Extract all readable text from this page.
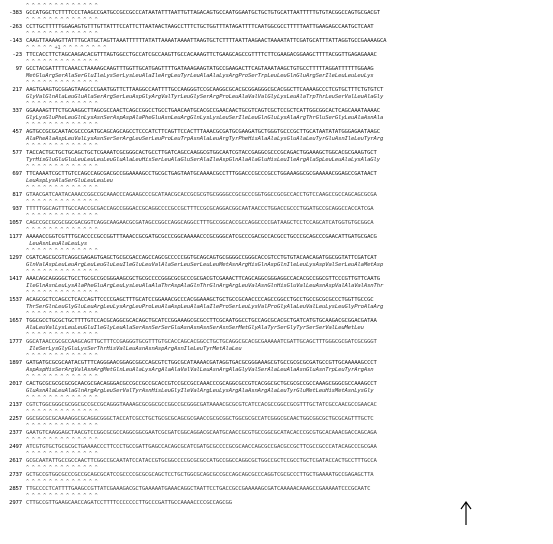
^ ^ ^ ^ ^ ^ ^ ^ ^ ^ ^ ^ ^
-383 GCCATGGCTCTTTTCCCTAAGCCGATGCCGCCGCCCATAATATTTAATTGTTAGACAGTGCCAATGGAATGCTGCTGTGCATTAATTTTTGTGTACGGCCAGTGCGACGT
^ ^ ^ ^ ^ ^ ^ ^ ^ ^ ^ ^ ^
-263 CCTTGCTTTTTGGAGAGTGTTTGTTATTTCCATTCTTAATAACTAAGCCTTTCTGCTGGTTTATAGATTTTCAATGGCGCCTTTTTAATTGAAGAGCCAATGCTCAAT
^ ^ ^ ^ ^ ^ ^ ^ ^ ^ ^ ^ ^
-143 CAAGTTAAAAGTTATTTGCATGCTAGTTAAATTTTTTATATTAAAATAAAATTAAGTGCTCTTTTAATTAAGAACTAAAATATTCGATGCATTTATTAGGTGCCGAAAAGCA
^ ^ ^ ^ ^ +1 ^ ^ ^ ^ ^ ^ ^ ^
-23 TTCCACCTTCTAGCAAGACACGTTTAGTGGCCTGCCATCGCCAAGTTGCCACAAAGTTCTGAAGCAGCCGTTTTCTTCGAAGACGGAAGCTTTTACGGTTGAGAGAAAC
^ ^ ^ ^ ^ ^ ^ ^ ^ ^ ^ ^ ^
97 GCCTACGATTTTCAAACCTAAAAGCAAGTTTGGTTGCATGAGTTTTGATAAAGAAGTATGCCGAAGACTTCAGTAAATAAGCTGTGCCTTTTTAGGATTTTTTGGAAG
MetGluArgSerAlaSerGluIleLysSerLysLeuAlaIleArgLeuTyrLeuAlaAlaLysArgProSerTrpLeuLeuGlnGluArgSerIleLeuLeuLeuLys
^ ^ ^ ^ ^ ^ ^ ^ ^ ^ ^ ^ ^
217 AAGTGAAGTGCGGAGTAAGCCCGAATGGTTCTTAAGGCCAATTTTGCCAAGGGTCCGCAAGGCGCACGCGGAGGGCGCACGGCTTCAAAAGCCCTCGTGCTTTCTGTGTCT
GlyValGlnAlaLeuGluAlaSerArgSerLeuAspGlyArgValTyrLeuGlySerArgProLeuAlaValValGlyLysLeuAlaTrpThrLeuSerValLeuAlaGly
^ ^ ^ ^ ^ ^ ^ ^ ^ ^ ^ ^ ^
337 GGAAAAGTTTCTGCAAGGCTTAGCGCCAACTCAGCCGGCCTGCCTGAACAATGCACGCCGAACAACTGCGTCAGTCGCTCCGCTCATTGGCGGCACTCAGCAAATAAAAC
GlyLysGluPheLeuGlnLysAsnSerAspAspAlaPheGluAsnLeuArgGlnLysLysLeuSerIleLeuGlnGluLysAlaArgThrGluSerGlyLeuAlaAsnAla
^ ^ ^ ^ ^ ^ ^ ^ ^ ^ ^ ^ ^
457 AGTGCCGCGCAATACGCCCGATGCAGCAGCAGCCTCCCATCTTCAGTTCCACTTTAAACGCGATGCGAAGATGCTGGGTGCCCGCTTGCATAATATATGGGAGAATAAGC
AlaPheAlaAspLeuValLysAsnSerSerArgLeuSerLeuProLeuTrpAsnAlaLeuArgTyrPheHisAlaAlaLysGluAlaLeuTyrGluAsnIleLeuTyrArg
^ ^ ^ ^ ^ ^ ^ ^ ^ ^ ^ ^ ^
577 TACCACTGCTGCTGCAGCTGCTCGAAATCGCGGGCACTGCCTTGATCAGCCAAGGCGTGGCAATCGTACCGAGGCGCCCGCAGACTGGAAAGCTGGCACGCGAAGTGCT
TyrHisGluGluGluLeuLeuLeuLeuGluAlaLeuHisSerLeuAlaGluSerAlaIleAspGlnAlaAlaGluHisLeuIleArgAlaSpLeuLeuAlaLysAlaGly
^ ^ ^ ^ ^ ^ ^ ^ ^ ^ ^ ^ ^
697 TTCAAAATCGCTTGTCCAGCCAGCGACGCCGGAAAAGCCTGCGCTGAGTAATGCAAAACGCCTTTGGACCCGCCCGCCTGGAAAGGCGCGAAAAACGGAGCCGATAACT
LeuAspLysAlaSerGluLeuLeuLeu
^ ^ ^ ^ ^ ^ ^ ^ ^ ^ ^ ^ ^
817 GTAACGATCAATACAAACCGGCCGCAAACCCAGAAGCCCGCATAACGCACCGCGCGTGCGGGGCCGCGCCCGGTGGCCGCGCCACCTGTCCAAGCCGCCAGCAGCGCGA
^ ^ ^ ^ ^ ^ ^ ^ ^ ^ ^ ^ ^
937 TTTTTGGCAGTTTGCCAACCGCGACCAGCCGGGACCGCAGGCCCCGCCGCTTTCCGCGCAGGACGGCAATAACCCTGGACCGCCCTGGATGCCGCAGGCCACCATCGA
^ ^ ^ ^ ^ ^ ^ ^ ^ ^ ^ ^ ^
1057 CAGCCGCCGCGCGGCGACGGTCAGGCAAGAACGCGATAGCCGGCCAGGCAGGCCTTTGCCGGCACCGCCAGGCCCCGATAAGCTCCTCCAGCATCATGGTGTGCGGCA
^ ^ ^ ^ ^ ^ ^ ^ ^ ^ ^ ^ ^
1177 AAAAACCGGTCGTTTGCACCCCGCCGGTTTAAACCGCGATGCGCCCGGCAAAAACCCGCGGGCATCGCCCGACGCCACGCCTGCCCGCAGCCCGAACATTGATGCGACG
LeuAsnLeuAlaLeuLys
^ ^ ^ ^ ^ ^ ^ ^ ^ ^ ^ ^ ^
1297 CGATCAGCGCGTCAGGCGAGAGTGAGCTGCGCGACCAGCCAGCGCCCCCGGTGCAGCAGTGCGGGGCCGGGCACCGTCCTGTGTACAACAGATGGCGGTATTCGATCAT
GlnValAspLeuLeuArgLeuLeuGluLeuIleGluLeuValAlaSerLeuSerLeuLeuMetAsnArgHisGlnAspGlnIleLeuLysAspValSerLeuAlaMetAsp
^ ^ ^ ^ ^ ^ ^ ^ ^ ^ ^ ^ ^
1417 AAACAGCAGGGGCTGCCTGCGCCGCGGGAAGCGCTGCGCCCCGGGCGCGCCCGCGACGTCGAAACTTCAGCAGGCGGGAGGCCACACGCCGGCGTTCCCGTTGTTCAATG
IleGlnAsnLeuLysAlaPheGluArgLeuLysLeuAlaAlaThrAspAlaGlnThrGlnArgArgLeuValAsnGlnHisGluValLeuAsnAspValAlaValAsnThr
^ ^ ^ ^ ^ ^ ^ ^ ^ ^ ^ ^ ^
1537 ACAGCGCTCCAGCCTCACCAGTTCCCCGAGCTTTGCATCCGGAAACGCCCACGGAAAGCTGCTGCCGCAACCCCAGCCGGCCTGCCTGCCGCGCGCCCTGGTTGCCGC
ThrSerGlnLeuGlyGluLeuArgLeuLysArgLeuProLeuAlaAspLeuAlaAlaIleProSerLeuLysValProGlyAlaLeuValLeuLysLeuGlyProAlaArg
^ ^ ^ ^ ^ ^ ^ ^ ^ ^ ^ ^ ^
1657 TGGCGCCTGCGCTGCTTTTGTCCACGCAGGCGCACAGCTGCATCCGGAAAGCGCGCCTTCGCAATGGCCTGCCAGCGCACGCTGATCATGTGCAAGACGCGGACGATAA
AlaLeuValLysLeuLeuGluIleGlyLeuAlaSerAsnSerSerGluAsnAsnAsnSerAsnSerMetGlyAlaTyrSerGlyTyrSerSerValLeuMetLeu
^ ^ ^ ^ ^ ^ ^ ^ ^ ^ ^ ^ ^
1777 GGCATAACCGCGCCAAGCAGTTGCTTTCCGAGGGTGCGTTTGTGCACCAGCACGGCCTGCTGCAGGCGCACGCGAAAAATCGATTGCAGCTTTGGGCGCGATCGCGGGT
IleSerLysGlyGluLysSerThrHisValLeuAsnAsnAspArgAsnIleLeuTyrMetAlaLeu
^ ^ ^ ^ ^ ^ ^ ^ ^ ^ ^ ^ ^
1897 GATGATGCGCGCAATACGTTTCAGGGAACGGAGCGGCCAGCGTCTGGCGCATAAAACGATAGGTGACGCGGGAAAGCGTGCCGCGCGCGATGCCGTTGCAAAAAGCCCT
AspAspHisSerArgValAsnArgMetGlnLeuAlaLysArgAlaAlaValValLeuAsnArgAlaGlyValSerAlaLeuAlaAsnGluAsnTrpLeuTyrArgAsn
^ ^ ^ ^ ^ ^ ^ ^ ^ ^ ^ ^ ^
2017 CACTGCGCGCGCGCGCAACGCGACAGGGACGCCGCCGCCGCACCGTCCGCCGCCAAACCCGCAGGCGCCGTCACGGCGCTGCGCGCCGCCAAAGCGGGCGCCAAAGCCT
GluAsnAlaLeuAlaGlnArgArgLeuSerValTyrAsnHisLeuGlyIleValArgLeuLysArgAlaAsnArgAlaLeuTyrGluMetLeuHisMetAsnLysGly
^ ^ ^ ^ ^ ^ ^ ^ ^ ^ ^ ^ ^
2137 CGTCTGGCGGGCGCGGCGCCGCCGCAGGGTAAAAGCGCGGCGCCGGCCGCGGGCGATAAAACGCGCGTCATCCACGCCGGCCGCGTTTGCTATCGCCAACGCCGAACAC
^ ^ ^ ^ ^ ^ ^ ^ ^ ^ ^ ^ ^
2257 GGCGGCGCGCAAAAGGCGCAGGCGGGCTACCATCGCCTGCTGCGCGCAGCGCGAACCGCGCGGCTGGCGCGCCATCGGGCGCAACTGGCGGCGCTGCGCAGTTTGCTC
^ ^ ^ ^ ^ ^ ^ ^ ^ ^ ^ ^ ^
2377 GAATGTCAAGGAGCTAACGTCCGGCGCGCCAGGCGGCGAATCGCGATCGGCAGGACGCAATGCAACCGCGTGCCGGCGCATACACCCGCGTGCACAAACGACCAGCAGA
^ ^ ^ ^ ^ ^ ^ ^ ^ ^ ^ ^ ^
2497 ATCGTGTGCTGCGCGCTGAAAACCCTTCCCTGCCGATTGAGCCACAGCGCATCGATGCGCCCCGCGCAACCAGCGCCGACGCCGCTTCGCCGCCCATACAGCCCGCGAA
^ ^ ^ ^ ^ ^ ^ ^ ^ ^ ^ ^ ^
2617 GCGCAATATTGCCGCCAACTTCGGCCGCAATATCCATACCGTGCGGCCCCGCGCGCCATGCCGGCCAGGCGCTGGCCGCTCCGCCTGCTCGATACCACTGCCTTTGCCA
^ ^ ^ ^ ^ ^ ^ ^ ^ ^ ^ ^ ^
2737 GCTGCCGTGGCGCCCGCCGCAGCGCATCCGCCCCGCGCGCAGCTCCTGCTGGCGCAGCGCCGCCAGCAGCGCCCAGGTCGCGCCCTTGCTGAAAATGCCGAGAGCTTA
^ ^ ^ ^ ^ ^ ^ ^ ^ ^ ^ ^ ^
2857 TTGCCCCTCATTTTGAAGCCGTTATCGAAAGACGCTGAAAAATGAAACAGGCTAATTCCTGACCGCCGAAAAAGCGATCAAAAACAAAGCCGAAAAATCCCGCAATC
^ ^ ^ ^ ^ ^ ^ ^ ^ ^ ^ ^ ^
2977 CTTGCCGTTGAAGCAACCAGATCCTTTTCCCCCCCTTGCCCGATTGCCAAAACCCCGCCAGCGG
